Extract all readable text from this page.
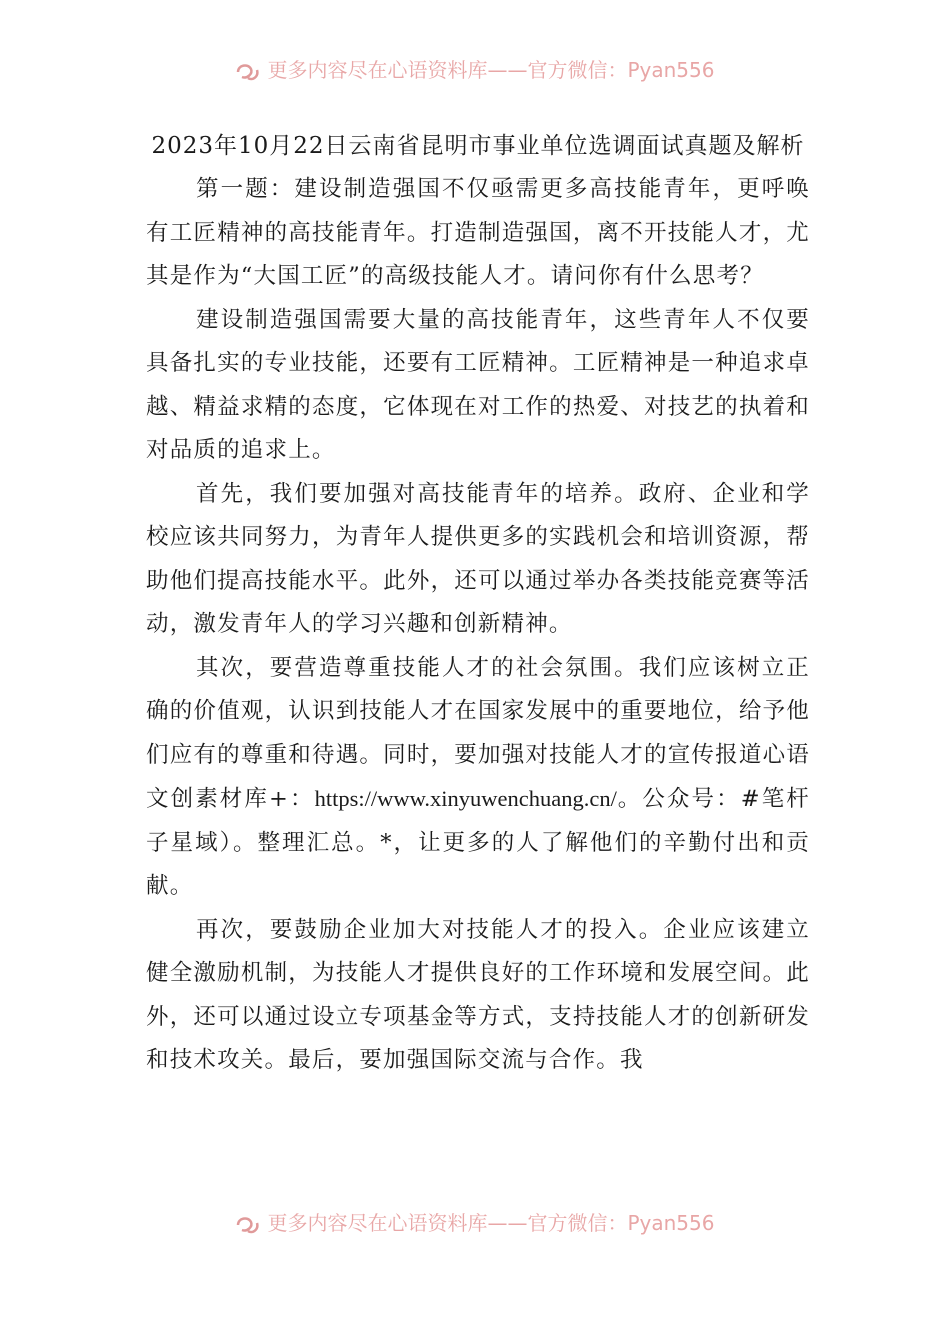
更多内容尽在心语资料库——官方微信：Pyan556
2023年10月22日云南省昆明市事业单位选调面试真题及解析

第一题：建设制造强国不仅亟需更多高技能青年，更呼唤有工匠精神的高技能青年。打造制造强国，离不开技能人才，尤其是作为“大国工匠”的高级技能人才。请问你有什么思考？

建设制造强国需要大量的高技能青年，这些青年人不仅要具备扎实的专业技能，还要有工匠精神。工匠精神是一种追求卓越、精益求精的态度，它体现在对工作的热爱、对技艺的执着和对品质的追求上。

首先，我们要加强对高技能青年的培养。政府、企业和学校应该共同努力，为青年人提供更多的实践机会和培训资源，帮助他们提高技能水平。此外，还可以通过举办各类技能竞赛等活动，激发青年人的学习兴趣和创新精神。

其次，要营造尊重技能人才的社会氛围。我们应该树立正确的价值观，认识到技能人才在国家发展中的重要地位，给予他们应有的尊重和待遇。同时，要加强对技能人才的宣传报道心语文创素材库+：https://www.xinyuwenchuang.cn/。公众号：#笔杆子星域）。整理汇总。*，让更多的人了解他们的辛勤付出和贡献。

再次，要鼓励企业加大对技能人才的投入。企业应该建立健全激励机制，为技能人才提供良好的工作环境和发展空间。此外，还可以通过设立专项基金等方式，支持技能人才的创新研发和技术攻关。最后，要加强国际交流与合作。我

更多内容尽在心语资料库——官方微信：Pyan556
